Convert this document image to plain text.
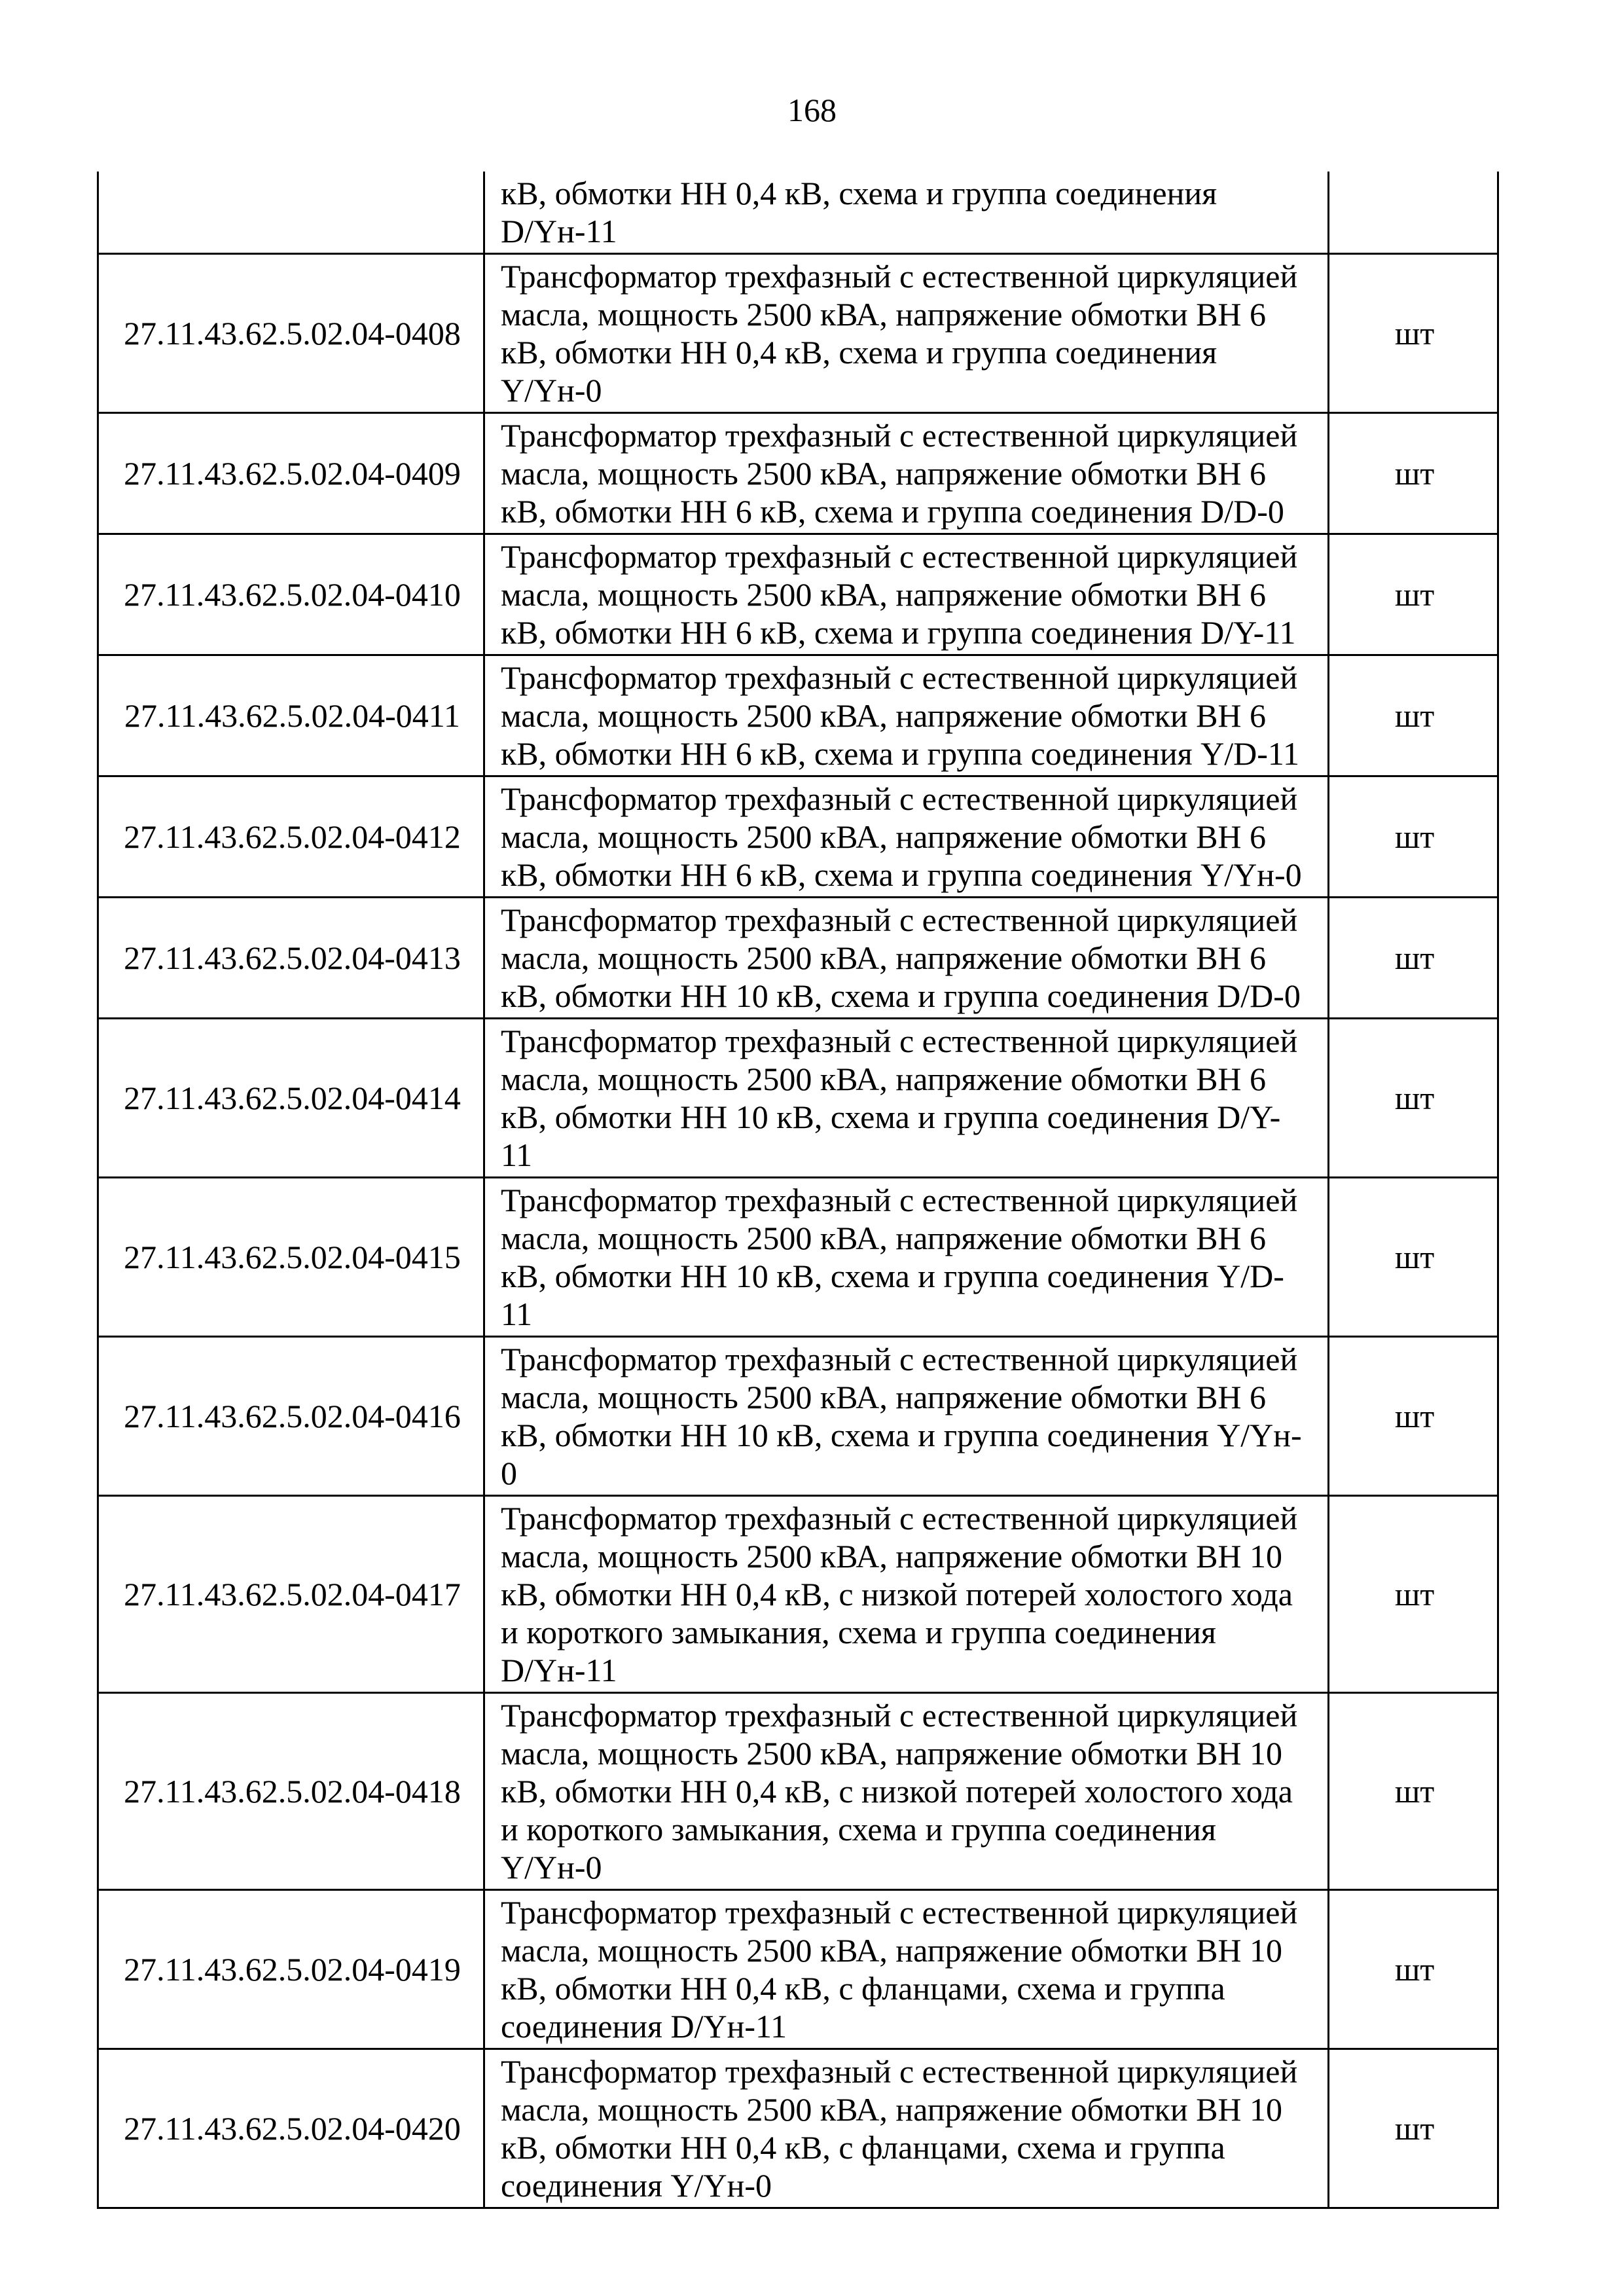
168

	кВ, обмотки НН 0,4 кВ, схема и группа соединения
D/Yн-11	

27.11.43.62.5.02.04-0408	Трансформатор трехфазный с естественной циркуляцией
масла, мощность 2500 кВА, напряжение обмотки ВН 6
кВ, обмотки НН 0,4 кВ, схема и группа соединения
Y/Yн-0	шт
27.11.43.62.5.02.04-0409	Трансформатор трехфазный с естественной циркуляцией
масла, мощность 2500 кВА, напряжение обмотки ВН 6
кВ, обмотки НН 6 кВ, схема и группа соединения D/D-0	шт
27.11.43.62.5.02.04-0410	Трансформатор трехфазный с естественной циркуляцией
масла, мощность 2500 кВА, напряжение обмотки ВН 6
кВ, обмотки НН 6 кВ, схема и группа соединения D/Y-11	шт
27.11.43.62.5.02.04-0411	Трансформатор трехфазный с естественной циркуляцией
масла, мощность 2500 кВА, напряжение обмотки ВН 6
кВ, обмотки НН 6 кВ, схема и группа соединения Y/D-11	шт
27.11.43.62.5.02.04-0412	Трансформатор трехфазный с естественной циркуляцией
масла, мощность 2500 кВА, напряжение обмотки ВН 6
кВ, обмотки НН 6 кВ, схема и группа соединения Y/Yн-0	шт
27.11.43.62.5.02.04-0413	Трансформатор трехфазный с естественной циркуляцией
масла, мощность 2500 кВА, напряжение обмотки ВН 6
кВ, обмотки НН 10 кВ, схема и группа соединения D/D-0	шт
27.11.43.62.5.02.04-0414	Трансформатор трехфазный с естественной циркуляцией
масла, мощность 2500 кВА, напряжение обмотки ВН 6
кВ, обмотки НН 10 кВ, схема и группа соединения D/Y-
11	шт
27.11.43.62.5.02.04-0415	Трансформатор трехфазный с естественной циркуляцией
масла, мощность 2500 кВА, напряжение обмотки ВН 6
кВ, обмотки НН 10 кВ, схема и группа соединения Y/D-
11	шт
27.11.43.62.5.02.04-0416	Трансформатор трехфазный с естественной циркуляцией
масла, мощность 2500 кВА, напряжение обмотки ВН 6
кВ, обмотки НН 10 кВ, схема и группа соединения Y/Yн-
0	шт
27.11.43.62.5.02.04-0417	Трансформатор трехфазный с естественной циркуляцией
масла, мощность 2500 кВА, напряжение обмотки ВН 10
кВ, обмотки НН 0,4 кВ, с низкой потерей холостого хода
и короткого замыкания, схема и группа соединения
D/Yн-11	шт
27.11.43.62.5.02.04-0418	Трансформатор трехфазный с естественной циркуляцией
масла, мощность 2500 кВА, напряжение обмотки ВН 10
кВ, обмотки НН 0,4 кВ, с низкой потерей холостого хода
и короткого замыкания, схема и группа соединения
Y/Yн-0	шт
27.11.43.62.5.02.04-0419	Трансформатор трехфазный с естественной циркуляцией
масла, мощность 2500 кВА, напряжение обмотки ВН 10
кВ, обмотки НН 0,4 кВ, с фланцами, схема и группа
соединения D/Yн-11	шт
27.11.43.62.5.02.04-0420	Трансформатор трехфазный с естественной циркуляцией
масла, мощность 2500 кВА, напряжение обмотки ВН 10
кВ, обмотки НН 0,4 кВ, с фланцами, схема и группа
соединения Y/Yн-0	шт
